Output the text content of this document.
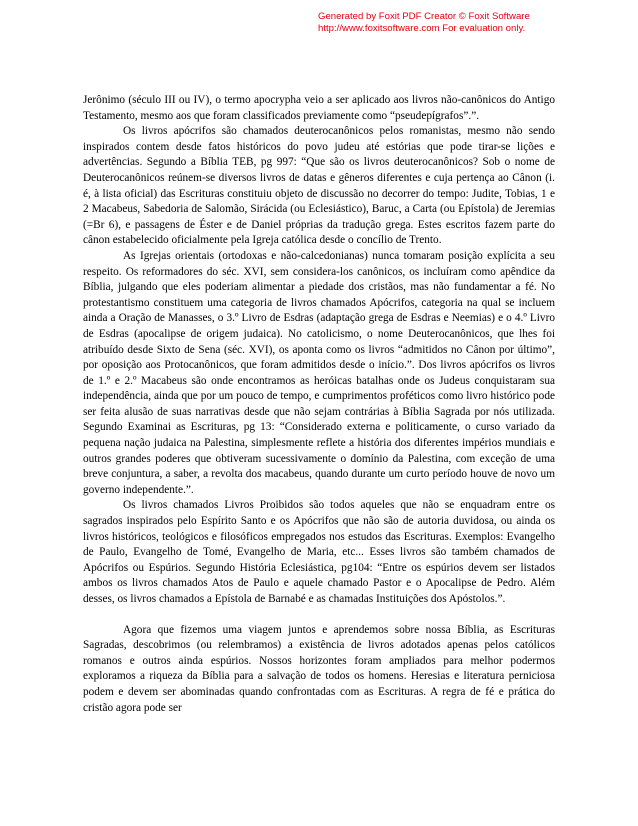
Generated by Foxit PDF Creator © Foxit Software
http://www.foxitsoftware.com For evaluation only.

Jerônimo (século III ou IV), o termo apocrypha veio a ser aplicado aos livros não-canônicos do Antigo Testamento, mesmo aos que foram classificados previamente como “pseudepígrafos”.”.

Os livros apócrifos são chamados deuterocanônicos pelos romanistas, mesmo não sendo inspirados contem desde fatos históricos do povo judeu até estórias que pode tirar-se lições e advertências. Segundo a Bíblia TEB, pg 997: “Que são os livros deuterocanônicos? Sob o nome de Deuterocanônicos reúnem-se diversos livros de datas e gêneros diferentes e cuja pertença ao Cânon (i. é, à lista oficial) das Escrituras constituiu objeto de discussão no decorrer do tempo: Judite, Tobias, 1 e 2 Macabeus, Sabedoria de Salomão, Sirácida (ou Eclesiástico), Baruc, a Carta (ou Epístola) de Jeremias (=Br 6), e passagens de Éster e de Daniel próprias da tradução grega. Estes escritos fazem parte do cânon estabelecido oficialmente pela Igreja católica desde o concílio de Trento.

As Igrejas orientais (ortodoxas e não-calcedonianas) nunca tomaram posição explícita a seu respeito. Os reformadores do séc. XVI, sem considera-los canônicos, os incluíram como apêndice da Bíblia, julgando que eles poderiam alimentar a piedade dos cristãos, mas não fundamentar a fé. No protestantismo constituem uma categoria de livros chamados Apócrifos, categoria na qual se incluem ainda a Oração de Manasses, o 3.º Livro de Esdras (adaptação grega de Esdras e Neemias) e o 4.º Livro de Esdras (apocalipse de origem judaica). No catolicismo, o nome Deuterocanônicos, que lhes foi atribuído desde Sixto de Sena (séc. XVI), os aponta como os livros “admitidos no Cânon por último”, por oposição aos Protocanônicos, que foram admitidos desde o início.”. Dos livros apócrifos os livros de 1.º e 2.º Macabeus são onde encontramos as heróicas batalhas onde os Judeus conquistaram sua independência, ainda que por um pouco de tempo, e cumprimentos proféticos como livro histórico pode ser feita alusão de suas narrativas desde que não sejam contrárias à Bíblia Sagrada por nós utilizada. Segundo Examinai as Escrituras, pg 13: “Considerado externa e politicamente, o curso variado da pequena nação judaica na Palestina, simplesmente reflete a história dos diferentes impérios mundiais e outros grandes poderes que obtiveram sucessivamente o domínio da Palestina, com exceção de uma breve conjuntura, a saber, a revolta dos macabeus, quando durante um curto período houve de novo um governo independente.”.

Os livros chamados Livros Proibidos são todos aqueles que não se enquadram entre os sagrados inspirados pelo Espírito Santo e os Apócrifos que não são de autoria duvidosa, ou ainda os livros históricos, teológicos e filosóficos empregados nos estudos das Escrituras. Exemplos: Evangelho de Paulo, Evangelho de Tomé, Evangelho de Maria, etc... Esses livros são também chamados de Apócrifos ou Espúrios. Segundo História Eclesiástica, pg104: “Entre os espúrios devem ser listados ambos os livros chamados Atos de Paulo e aquele chamado Pastor e o Apocalipse de Pedro. Além desses, os livros chamados a Epístola de Barnabé e as chamadas Instituições dos Apóstolos.”.

Agora que fizemos uma viagem juntos e aprendemos sobre nossa Bíblia, as Escrituras Sagradas, descobrimos (ou relembramos) a existência de livros adotados apenas pelos católicos romanos e outros ainda espúrios. Nossos horizontes foram ampliados para melhor podermos exploramos a riqueza da Bíblia para a salvação de todos os homens. Heresias e literatura perniciosa podem e devem ser abominadas quando confrontadas com as Escrituras. A regra de fé e prática do cristão agora pode ser
